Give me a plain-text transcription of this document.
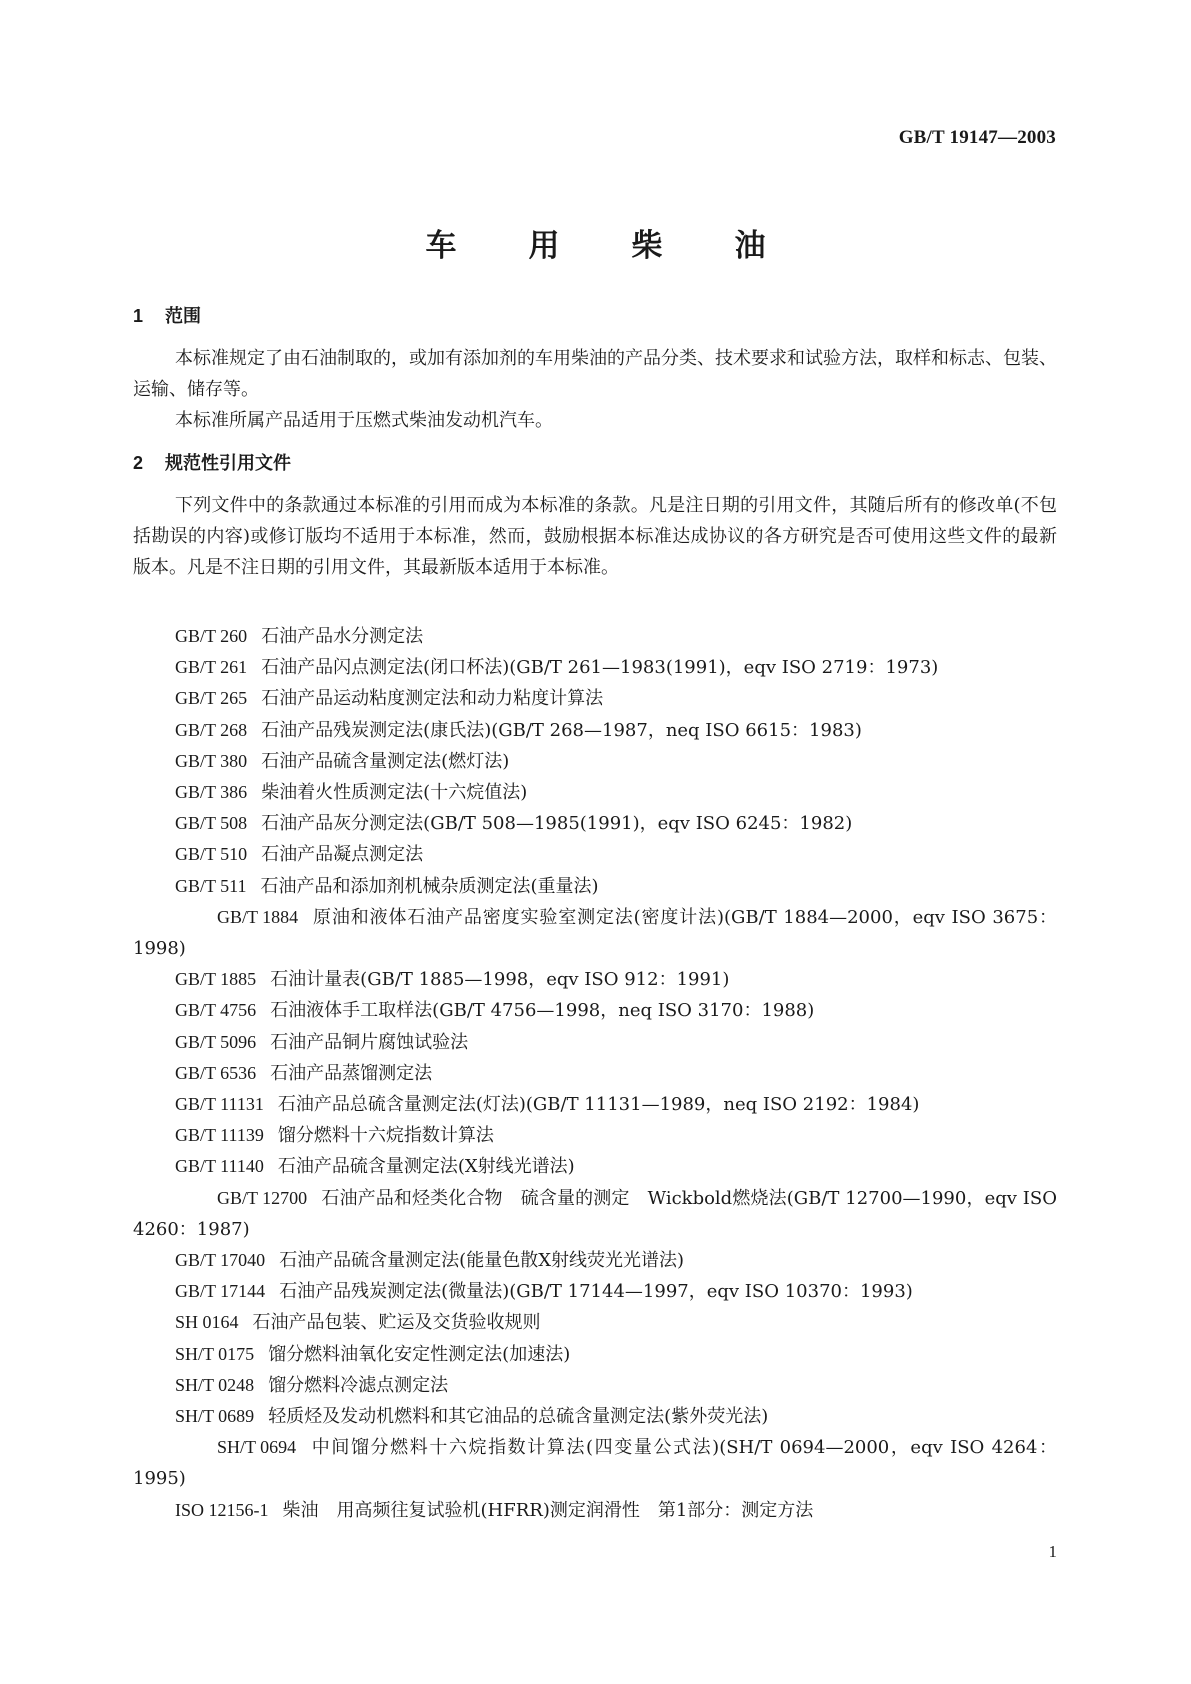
GB/T 19147—2003
车用柴油
1 范围

本标准规定了由石油制取的，或加有添加剂的车用柴油的产品分类、技术要求和试验方法，取样和标志、包装、运输、储存等。

本标准所属产品适用于压燃式柴油发动机汽车。

2 规范性引用文件

下列文件中的条款通过本标准的引用而成为本标准的条款。凡是注日期的引用文件，其随后所有的修改单(不包括勘误的内容)或修订版均不适用于本标准，然而，鼓励根据本标准达成协议的各方研究是否可使用这些文件的最新版本。凡是不注日期的引用文件，其最新版本适用于本标准。

GB/T 260 石油产品水分测定法
GB/T 261 石油产品闪点测定法(闭口杯法)(GB/T 261—1983(1991)，eqv ISO 2719：1973)
GB/T 265 石油产品运动粘度测定法和动力粘度计算法
GB/T 268 石油产品残炭测定法(康氏法)(GB/T 268—1987，neq ISO 6615：1983)
GB/T 380 石油产品硫含量测定法(燃灯法)
GB/T 386 柴油着火性质测定法(十六烷值法)
GB/T 508 石油产品灰分测定法(GB/T 508—1985(1991)，eqv ISO 6245：1982)
GB/T 510 石油产品凝点测定法
GB/T 511 石油产品和添加剂机械杂质测定法(重量法)
GB/T 1884 原油和液体石油产品密度实验室测定法(密度计法)(GB/T 1884—2000，eqv ISO 3675：1998)
GB/T 1885 石油计量表(GB/T 1885—1998，eqv ISO 912：1991)
GB/T 4756 石油液体手工取样法(GB/T 4756—1998，neq ISO 3170：1988)
GB/T 5096 石油产品铜片腐蚀试验法
GB/T 6536 石油产品蒸馏测定法
GB/T 11131 石油产品总硫含量测定法(灯法)(GB/T 11131—1989，neq ISO 2192：1984)
GB/T 11139 馏分燃料十六烷指数计算法
GB/T 11140 石油产品硫含量测定法(X射线光谱法)
GB/T 12700 石油产品和烃类化合物　硫含量的测定　Wickbold燃烧法(GB/T 12700—1990，eqv ISO 4260：1987)
GB/T 17040 石油产品硫含量测定法(能量色散X射线荧光光谱法)
GB/T 17144 石油产品残炭测定法(微量法)(GB/T 17144—1997，eqv ISO 10370：1993)
SH 0164 石油产品包装、贮运及交货验收规则
SH/T 0175 馏分燃料油氧化安定性测定法(加速法)
SH/T 0248 馏分燃料冷滤点测定法
SH/T 0689 轻质烃及发动机燃料和其它油品的总硫含量测定法(紫外荧光法)
SH/T 0694 中间馏分燃料十六烷指数计算法(四变量公式法)(SH/T 0694—2000，eqv ISO 4264：1995)
ISO 12156-1 柴油　用高频往复试验机(HFRR)测定润滑性　第1部分：测定方法
1
